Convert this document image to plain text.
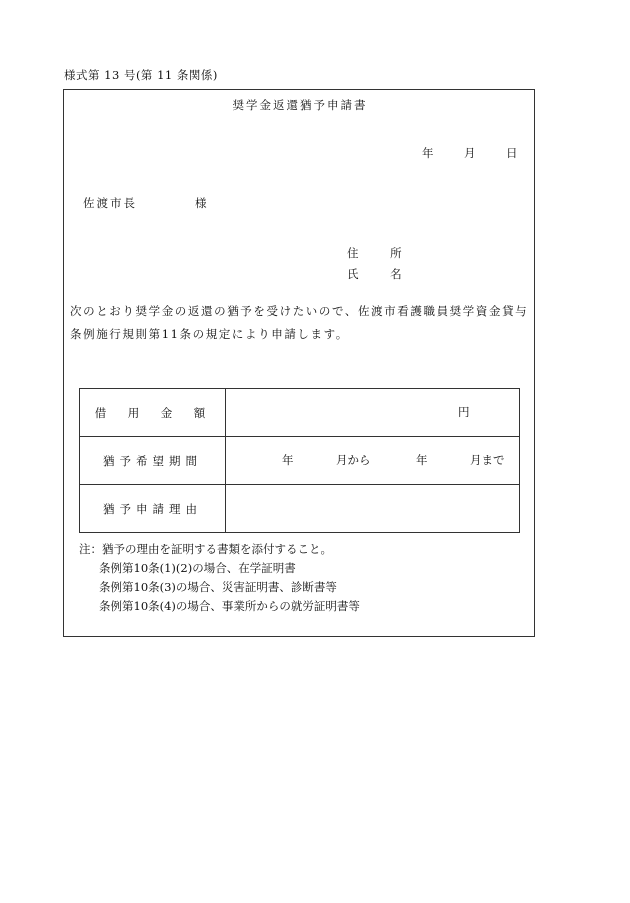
様式第 13 号(第 11 条関係)
奨学金返還猶予申請書
年	月	日
佐渡市長	様
住 所
氏 名
次のとおり奨学金の返還の猶予を受けたいので、佐渡市看護職員奨学資金貸与条例施行規則第11条の規定により申請します。
借　用　金　額	円

猶予希望期間	年 月から 年 月まで

猶予申請理由	
注：猶予の理由を証明する書類を添付すること。
条例第10条(1)(2)の場合、在学証明書
条例第10条(3)の場合、災害証明書、診断書等
条例第10条(4)の場合、事業所からの就労証明書等
